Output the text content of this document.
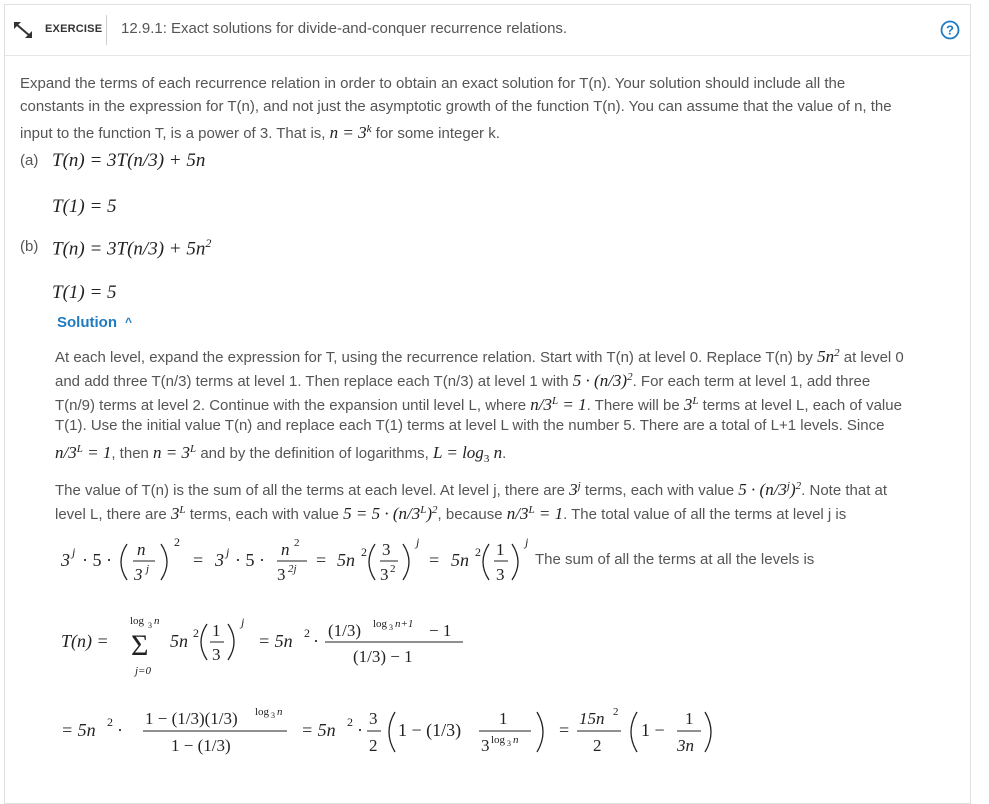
EXERCISE 12.9.1: Exact solutions for divide-and-conquer recurrence relations.	?
Expand the terms of each recurrence relation in order to obtain an exact solution for T(n). Your solution should include all the
constants in the expression for T(n), and not just the asymptotic growth of the function T(n). You can assume that the value of n, the
input to the function T, is a power of 3. That is, $n = 3^k$ for some integer k.
(a) T(n) = 3T(n/3) + 5n
T(1) = 5
(b) $T(n) = 3T(n/3) + 5n^2$
T(1) = 5
Solution ^
At each level, expand the expression for T, using the recurrence relation. Start with T(n) at level 0. Replace T(n) by $5n^2$ at level 0
and add three T(n/3) terms at level 1. Then replace each T(n/3) at level 1 with $5 \cdot (n/3)^2$. For each term at level 1, add three
T(n/9) terms at level 2. Continue with the expansion until level L, where $n/3^L = 1$. There will be $3^L$ terms at level L, each of value
T(1). Use the initial value T(n) and replace each T(1) terms at level L with the number 5. There are a total of L+1 levels. Since
$n/3^L = 1$, then $n = 3^L$ and by the definition of logarithms, $L = \log_3 n$.
The value of T(n) is the sum of all the terms at each level. At level j, there are 3$^j$ terms, each with value $5 \cdot (n/3^j)^2$. Note that at
level L, there are $3^L$ terms, each with value $5 = 5 \cdot (n/3^L)^2$, because $n/3^L = 1$. The total value of all the terms at level j is
3 j · 5 ·
n
3 j
2
= 3 j · 5 ·
n 2
3 2j = 5n 2 3
3 2
j
= 5n 2 1
3
j
The sum of all the terms at all the levels is
T(n) =
log 3 n
Σ
j=0
5n 2 1
3
j
= 5n 2 ·
(1/3) log 3 n+1 − 1
(1/3) − 1
= 5n 2 ·
1 − (1/3)(1/3) log 3 n
1 − (1/3)
= 5n 2 ·
3
2
1 − (1/3)
1
3 log 3 n =
15n 2
2
1 −
1
3n
